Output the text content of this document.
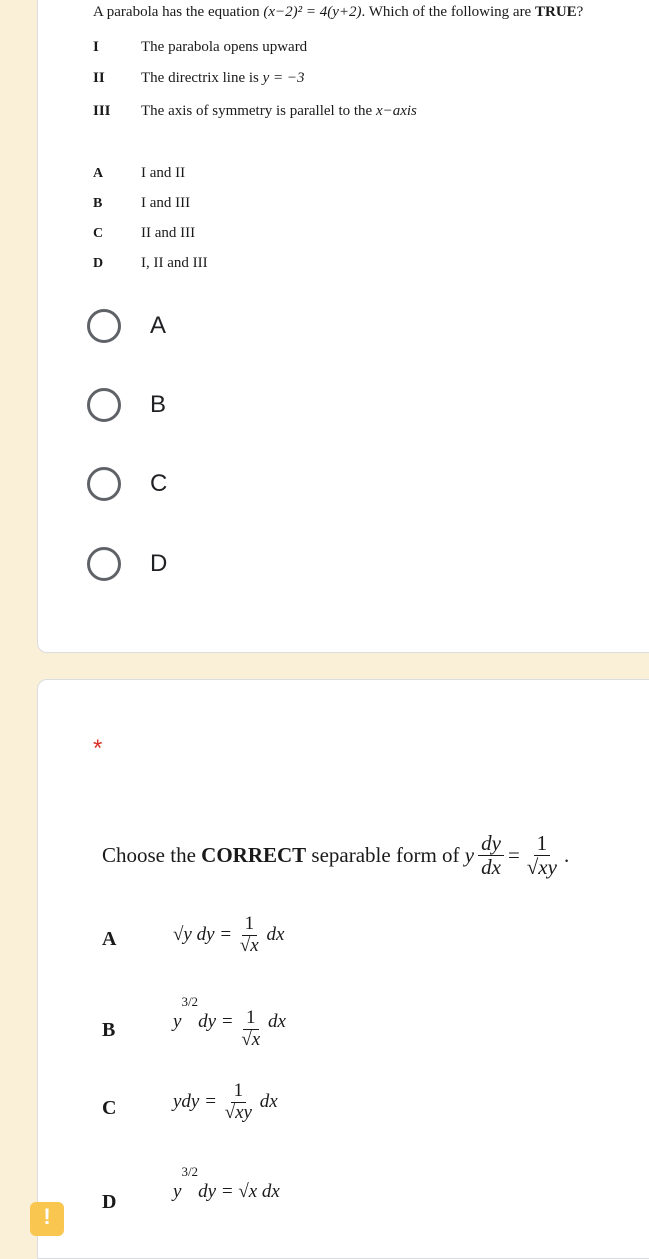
A parabola has the equation (x−2)² = 4(y+2). Which of the following are TRUE?
I	The parabola opens upward
II The directrix line is y = −3
III The axis of symmetry is parallel to the x−axis
A	I and II
B	I and III
C	II and III
D	I, II and III
A
B
C
D
*
Choose the
CORRECT
separable form of
y $\frac{dy}{dx} = \frac{1}{√xy}$ .
A	√y dy =
$\frac{1}{√x}$
dx
B	y
3/2
dy =
$\frac{1}{√x}$
dx
C	ydy =
$\frac{1}{√xy}$
dx
D	y
3/2
dy = √x dx
!
